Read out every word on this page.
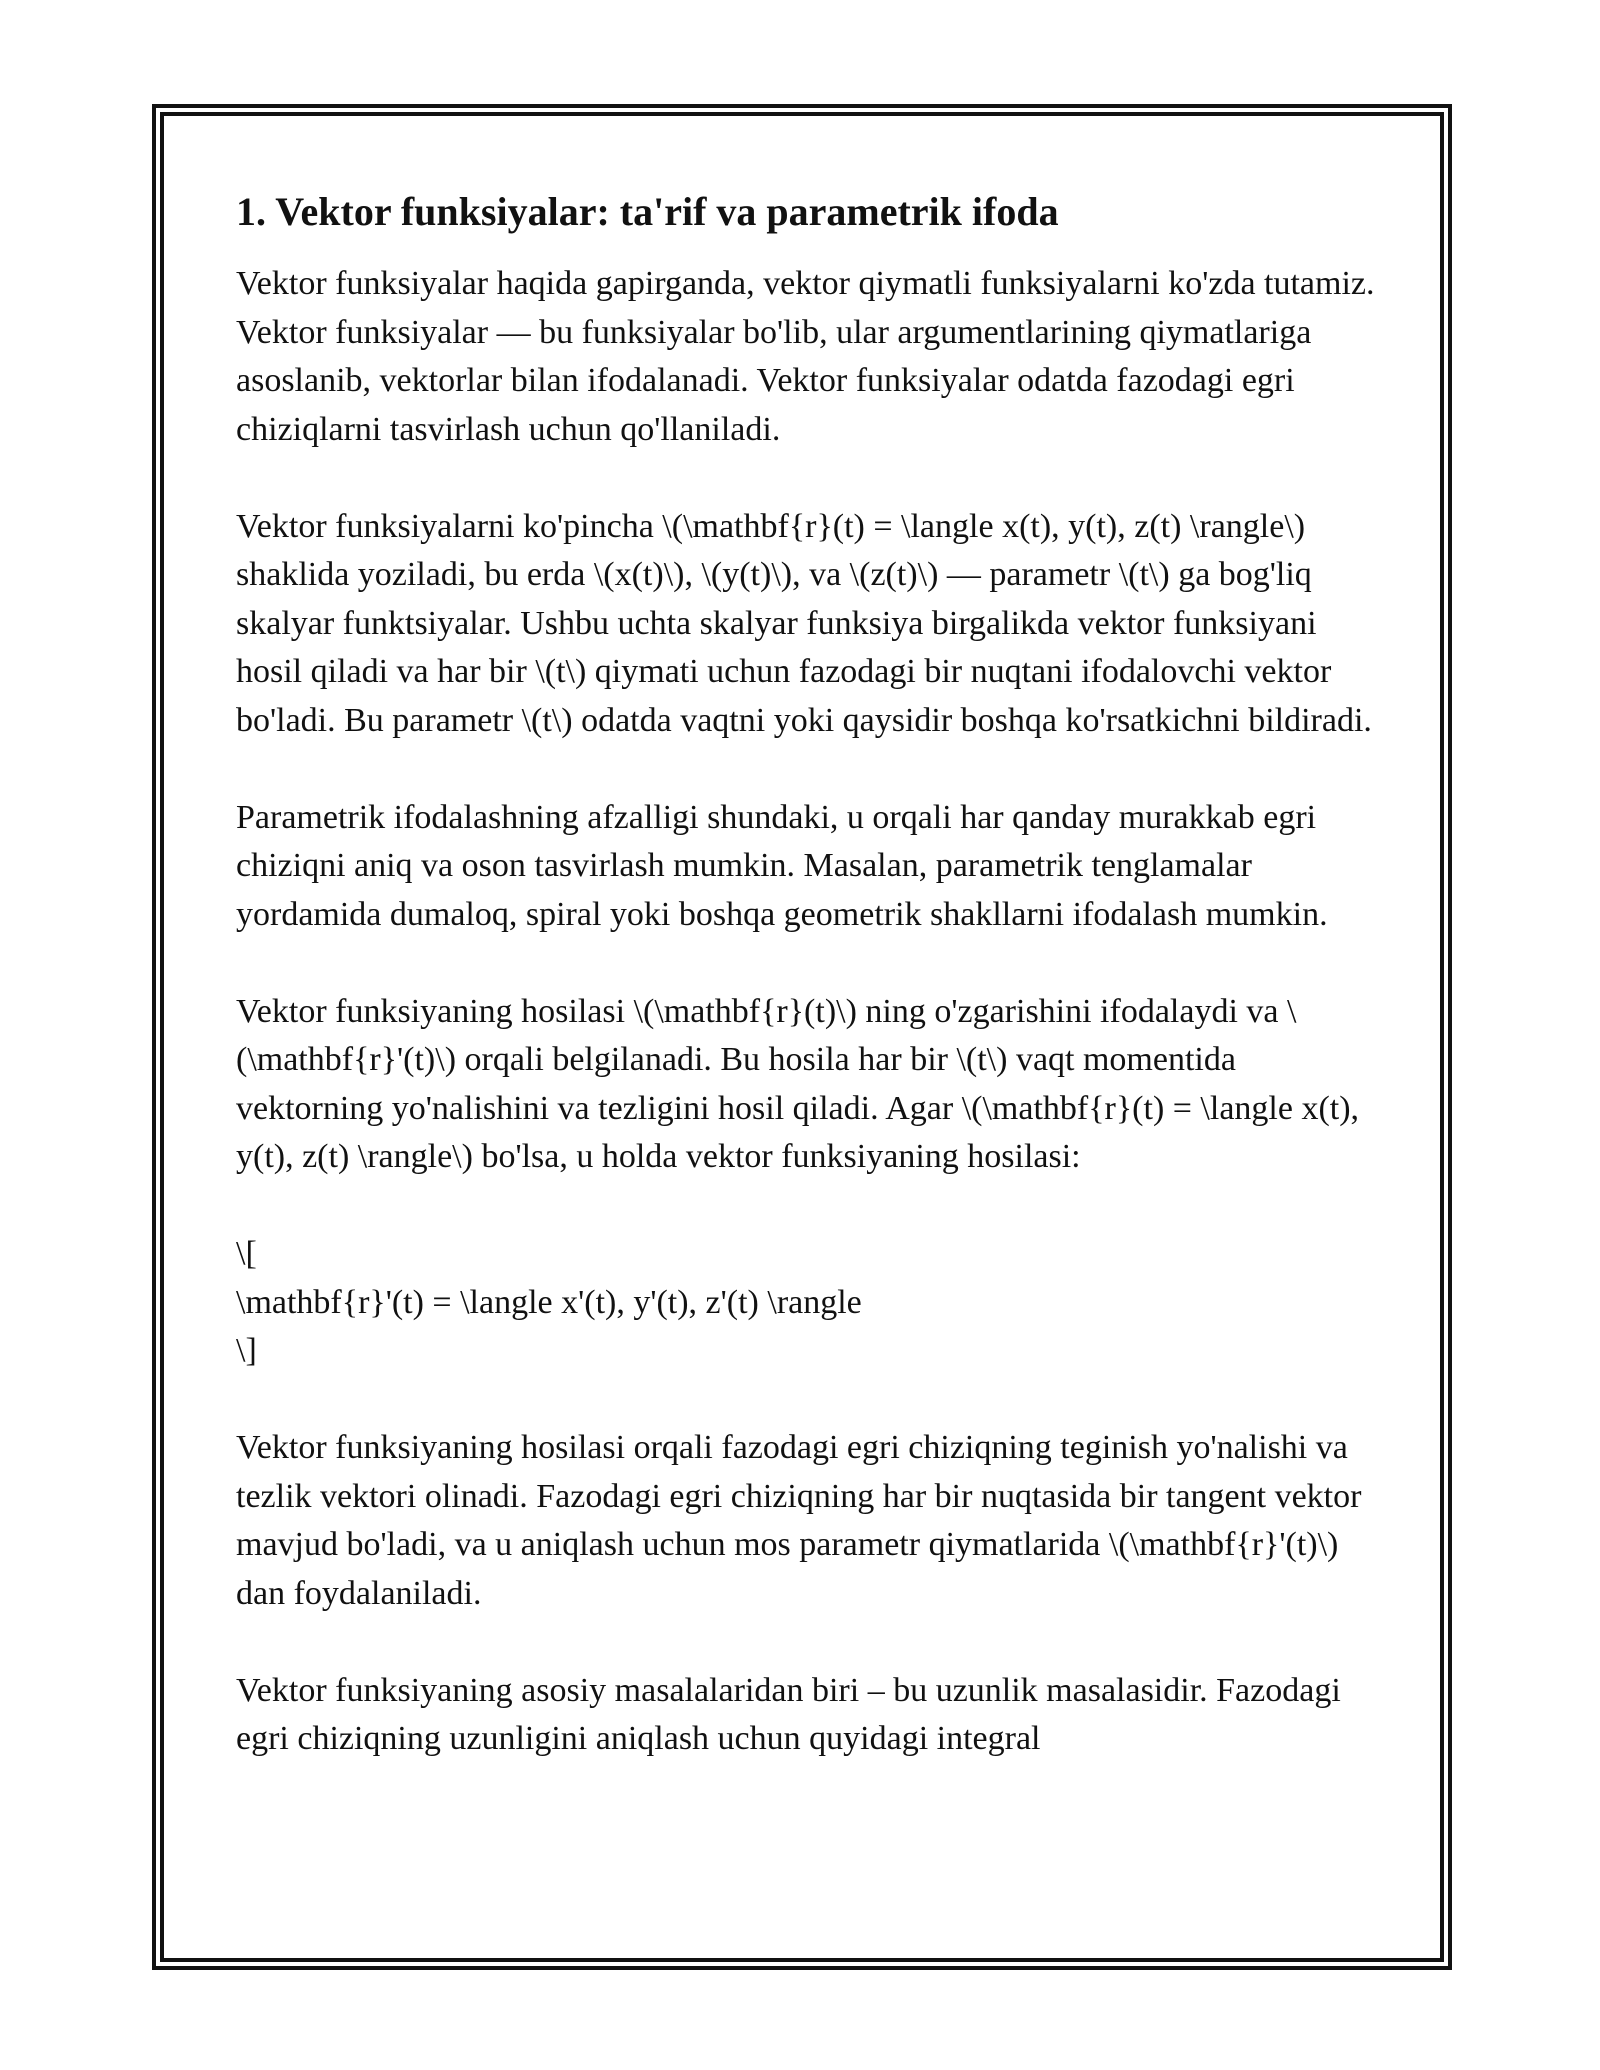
1. Vektor funksiyalar: ta'rif va parametrik ifoda

Vektor funksiyalar haqida gapirganda, vektor qiymatli funksiyalarni ko'zda tutamiz. Vektor funksiyalar — bu funksiyalar bo'lib, ular argumentlarining qiymatlariga asoslanib, vektorlar bilan ifodalanadi. Vektor funksiyalar odatda fazodagi egri chiziqlarni tasvirlash uchun qo'llaniladi.

Vektor funksiyalarni ko'pincha \(\mathbf{r}(t) = \langle x(t), y(t), z(t) \rangle\) shaklida yoziladi, bu erda \(x(t)\), \(y(t)\), va \(z(t)\) — parametr \(t\) ga bog'liq skalyar funktsiyalar. Ushbu uchta skalyar funksiya birgalikda vektor funksiyani hosil qiladi va har bir \(t\) qiymati uchun fazodagi bir nuqtani ifodalovchi vektor bo'ladi. Bu parametr \(t\) odatda vaqtni yoki qaysidir boshqa ko'rsatkichni bildiradi.

Parametrik ifodalashning afzalligi shundaki, u orqali har qanday murakkab egri chiziqni aniq va oson tasvirlash mumkin. Masalan, parametrik tenglamalar yordamida dumaloq, spiral yoki boshqa geometrik shakllarni ifodalash mumkin.

Vektor funksiyaning hosilasi \(\mathbf{r}(t)\) ning o'zgarishini ifodalaydi va \(\mathbf{r}'(t)\) orqali belgilanadi. Bu hosila har bir \(t\) vaqt momentida vektorning yo'nalishini va tezligini hosil qiladi. Agar \(\mathbf{r}(t) = \langle x(t), y(t), z(t) \rangle\) bo'lsa, u holda vektor funksiyaning hosilasi:

\[
\mathbf{r}'(t) = \langle x'(t), y'(t), z'(t) \rangle
\]

Vektor funksiyaning hosilasi orqali fazodagi egri chiziqning teginish yo'nalishi va tezlik vektori olinadi. Fazodagi egri chiziqning har bir nuqtasida bir tangent vektor mavjud bo'ladi, va u aniqlash uchun mos parametr qiymatlarida \(\mathbf{r}'(t)\) dan foydalaniladi.

Vektor funksiyaning asosiy masalalaridan biri – bu uzunlik masalasidir. Fazodagi egri chiziqning uzunligini aniqlash uchun quyidagi integral
